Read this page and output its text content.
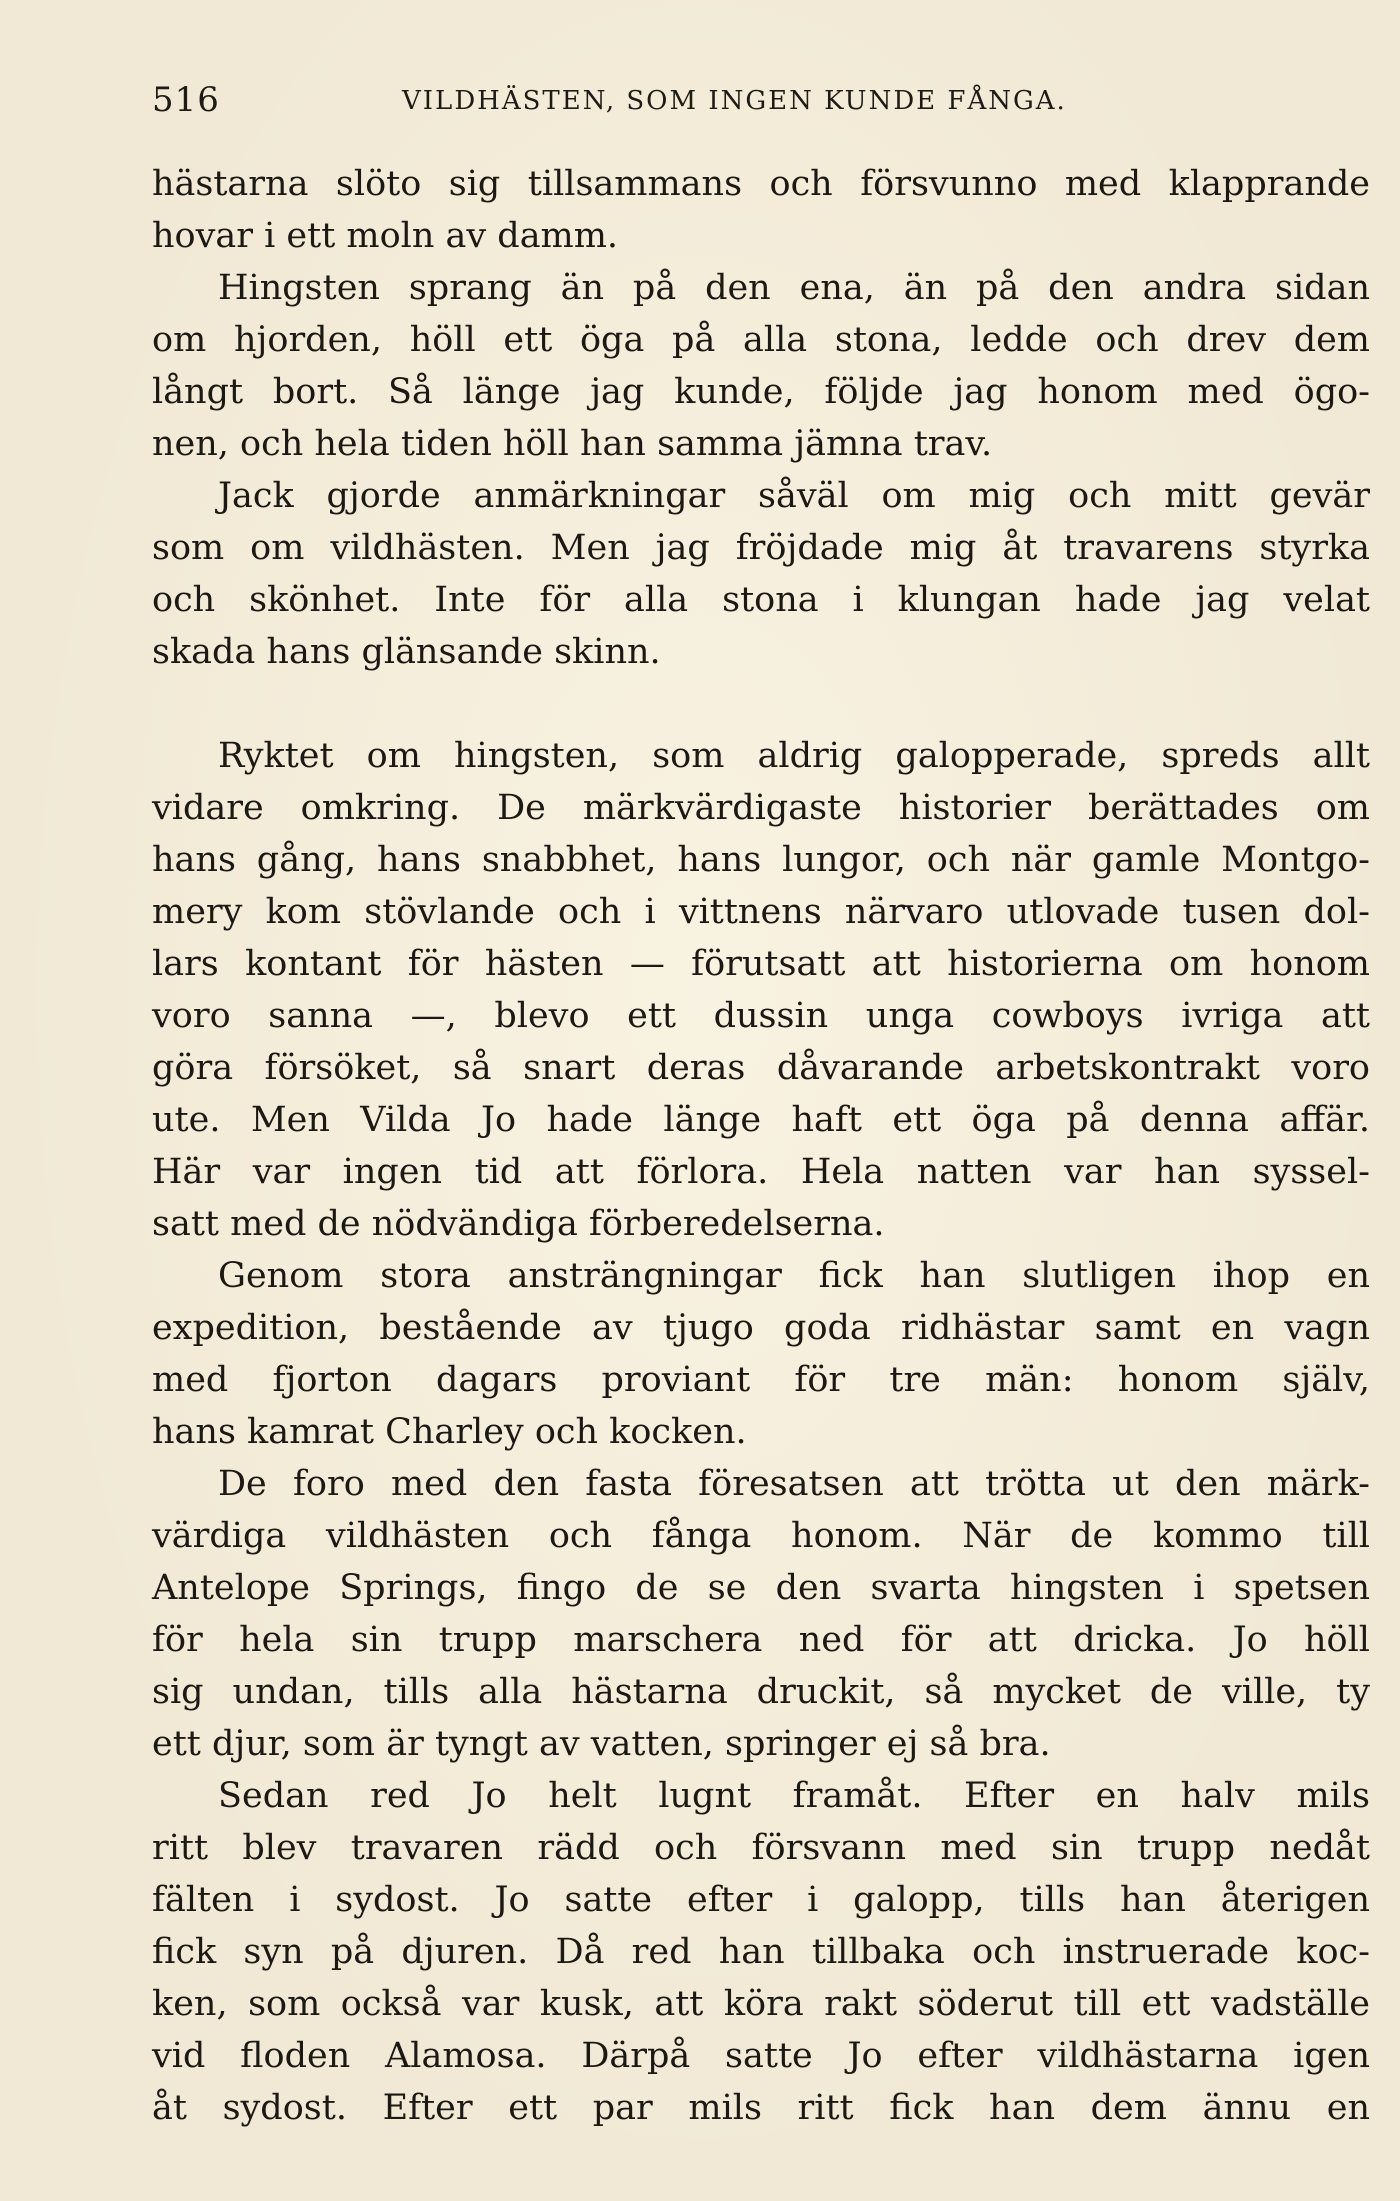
516	VILDHÄSTEN, SOM INGEN KUNDE FÅNGA.

hästarna slöto sig tillsammans och försvunno med klapprande
hovar i ett moln av damm.

Hingsten sprang än på den ena, än på den andra sidan
om hjorden, höll ett öga på alla stona, ledde och drev dem
långt bort. Så länge jag kunde, följde jag honom med ögo-
nen, och hela tiden höll han samma jämna trav.

Jack gjorde anmärkningar såväl om mig och mitt gevär
som om vildhästen. Men jag fröjdade mig åt travarens styrka
och skönhet. Inte för alla stona i klungan hade jag velat
skada hans glänsande skinn.

Ryktet om hingsten, som aldrig galopperade, spreds allt
vidare omkring. De märkvärdigaste historier berättades om
hans gång, hans snabbhet, hans lungor, och när gamle Montgo-
mery kom stövlande och i vittnens närvaro utlovade tusen dol-
lars kontant för hästen — förutsatt att historierna om honom
voro sanna —, blevo ett dussin unga cowboys ivriga att
göra försöket, så snart deras dåvarande arbetskontrakt voro
ute. Men Vilda Jo hade länge haft ett öga på denna affär.
Här var ingen tid att förlora. Hela natten var han syssel-
satt med de nödvändiga förberedelserna.

Genom stora ansträngningar fick han slutligen ihop en
expedition, bestående av tjugo goda ridhästar samt en vagn
med fjorton dagars proviant för tre män: honom själv,
hans kamrat Charley och kocken.

De foro med den fasta föresatsen att trötta ut den märk-
värdiga vildhästen och fånga honom. När de kommo till
Antelope Springs, fingo de se den svarta hingsten i spetsen
för hela sin trupp marschera ned för att dricka. Jo höll
sig undan, tills alla hästarna druckit, så mycket de ville, ty
ett djur, som är tyngt av vatten, springer ej så bra.

Sedan red Jo helt lugnt framåt. Efter en halv mils
ritt blev travaren rädd och försvann med sin trupp nedåt
fälten i sydost. Jo satte efter i galopp, tills han återigen
fick syn på djuren. Då red han tillbaka och instruerade koc-
ken, som också var kusk, att köra rakt söderut till ett vadställe
vid floden Alamosa. Därpå satte Jo efter vildhästarna igen
åt sydost. Efter ett par mils ritt fick han dem ännu en
